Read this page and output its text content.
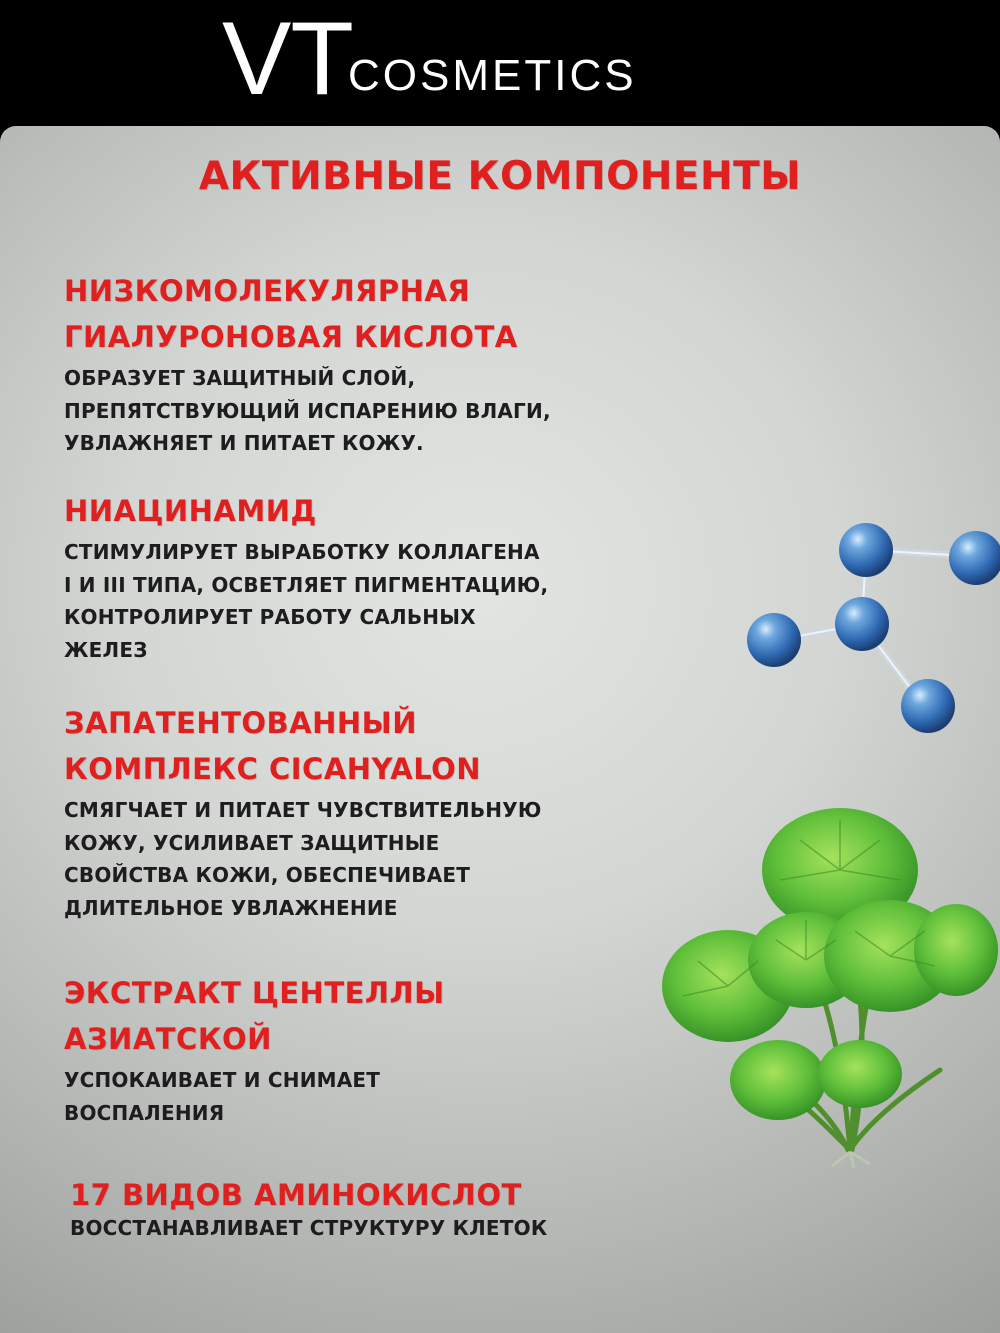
VT
COSMETICS
АКТИВНЫЕ КОМПОНЕНТЫ
НИЗКОМОЛЕКУЛЯРНАЯ
ГИАЛУРОНОВАЯ КИСЛОТА
ОБРАЗУЕТ ЗАЩИТНЫЙ СЛОЙ,
ПРЕПЯТСТВУЮЩИЙ ИСПАРЕНИЮ ВЛАГИ,
УВЛАЖНЯЕТ И ПИТАЕТ КОЖУ.
НИАЦИНАМИД
СТИМУЛИРУЕТ ВЫРАБОТКУ КОЛЛАГЕНА
I И III ТИПА, ОСВЕТЛЯЕТ ПИГМЕНТАЦИЮ,
КОНТРОЛИРУЕТ РАБОТУ САЛЬНЫХ
ЖЕЛЕЗ
ЗАПАТЕНТОВАННЫЙ
КОМПЛЕКС CICAHYALON
СМЯГЧАЕТ И ПИТАЕТ ЧУВСТВИТЕЛЬНУЮ
КОЖУ, УСИЛИВАЕТ ЗАЩИТНЫЕ
СВОЙСТВА КОЖИ, ОБЕСПЕЧИВАЕТ
ДЛИТЕЛЬНОЕ УВЛАЖНЕНИЕ
ЭКСТРАКТ ЦЕНТЕЛЛЫ
АЗИАТСКОЙ
УСПОКАИВАЕТ И СНИМАЕТ
ВОСПАЛЕНИЯ
17 ВИДОВ АМИНОКИСЛОТ
ВОССТАНАВЛИВАЕТ СТРУКТУРУ КЛЕТОК
